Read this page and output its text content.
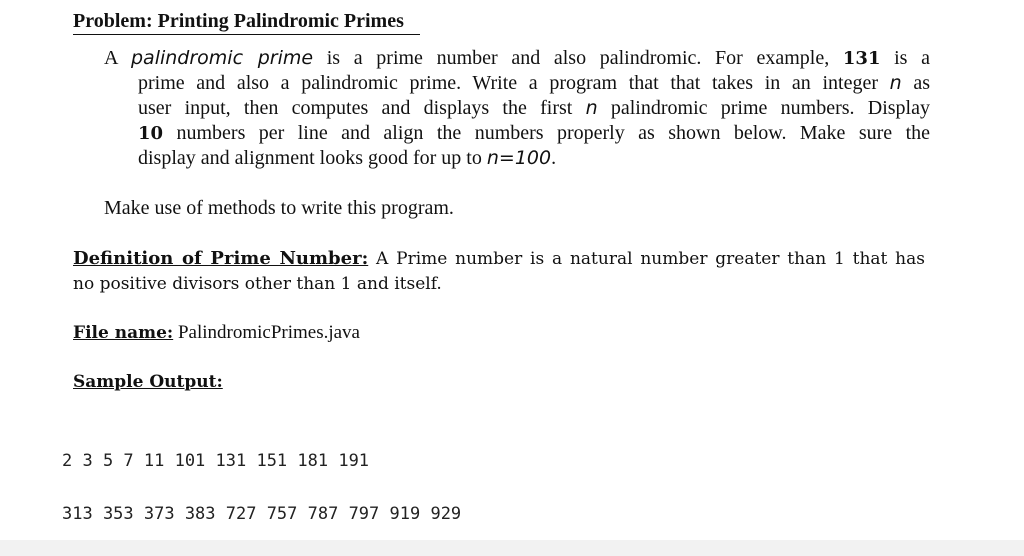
Problem: Printing Palindromic Primes
A palindromic prime is a prime number and also palindromic. For example, 131 is a
prime and also a palindromic prime. Write a program that that takes in an integer n as
user input, then computes and displays the first n palindromic prime numbers. Display
10 numbers per line and align the numbers properly as shown below. Make sure the
display and alignment looks good for up to n=100.
Make use of methods to write this program.
Definition of Prime Number: A Prime number is a natural number greater than 1 that has
no positive divisors other than 1 and itself.
File name: PalindromicPrimes.java
Sample Output:
2 3 5 7 11 101 131 151 181 191
313 353 373 383 727 757 787 797 919 929
